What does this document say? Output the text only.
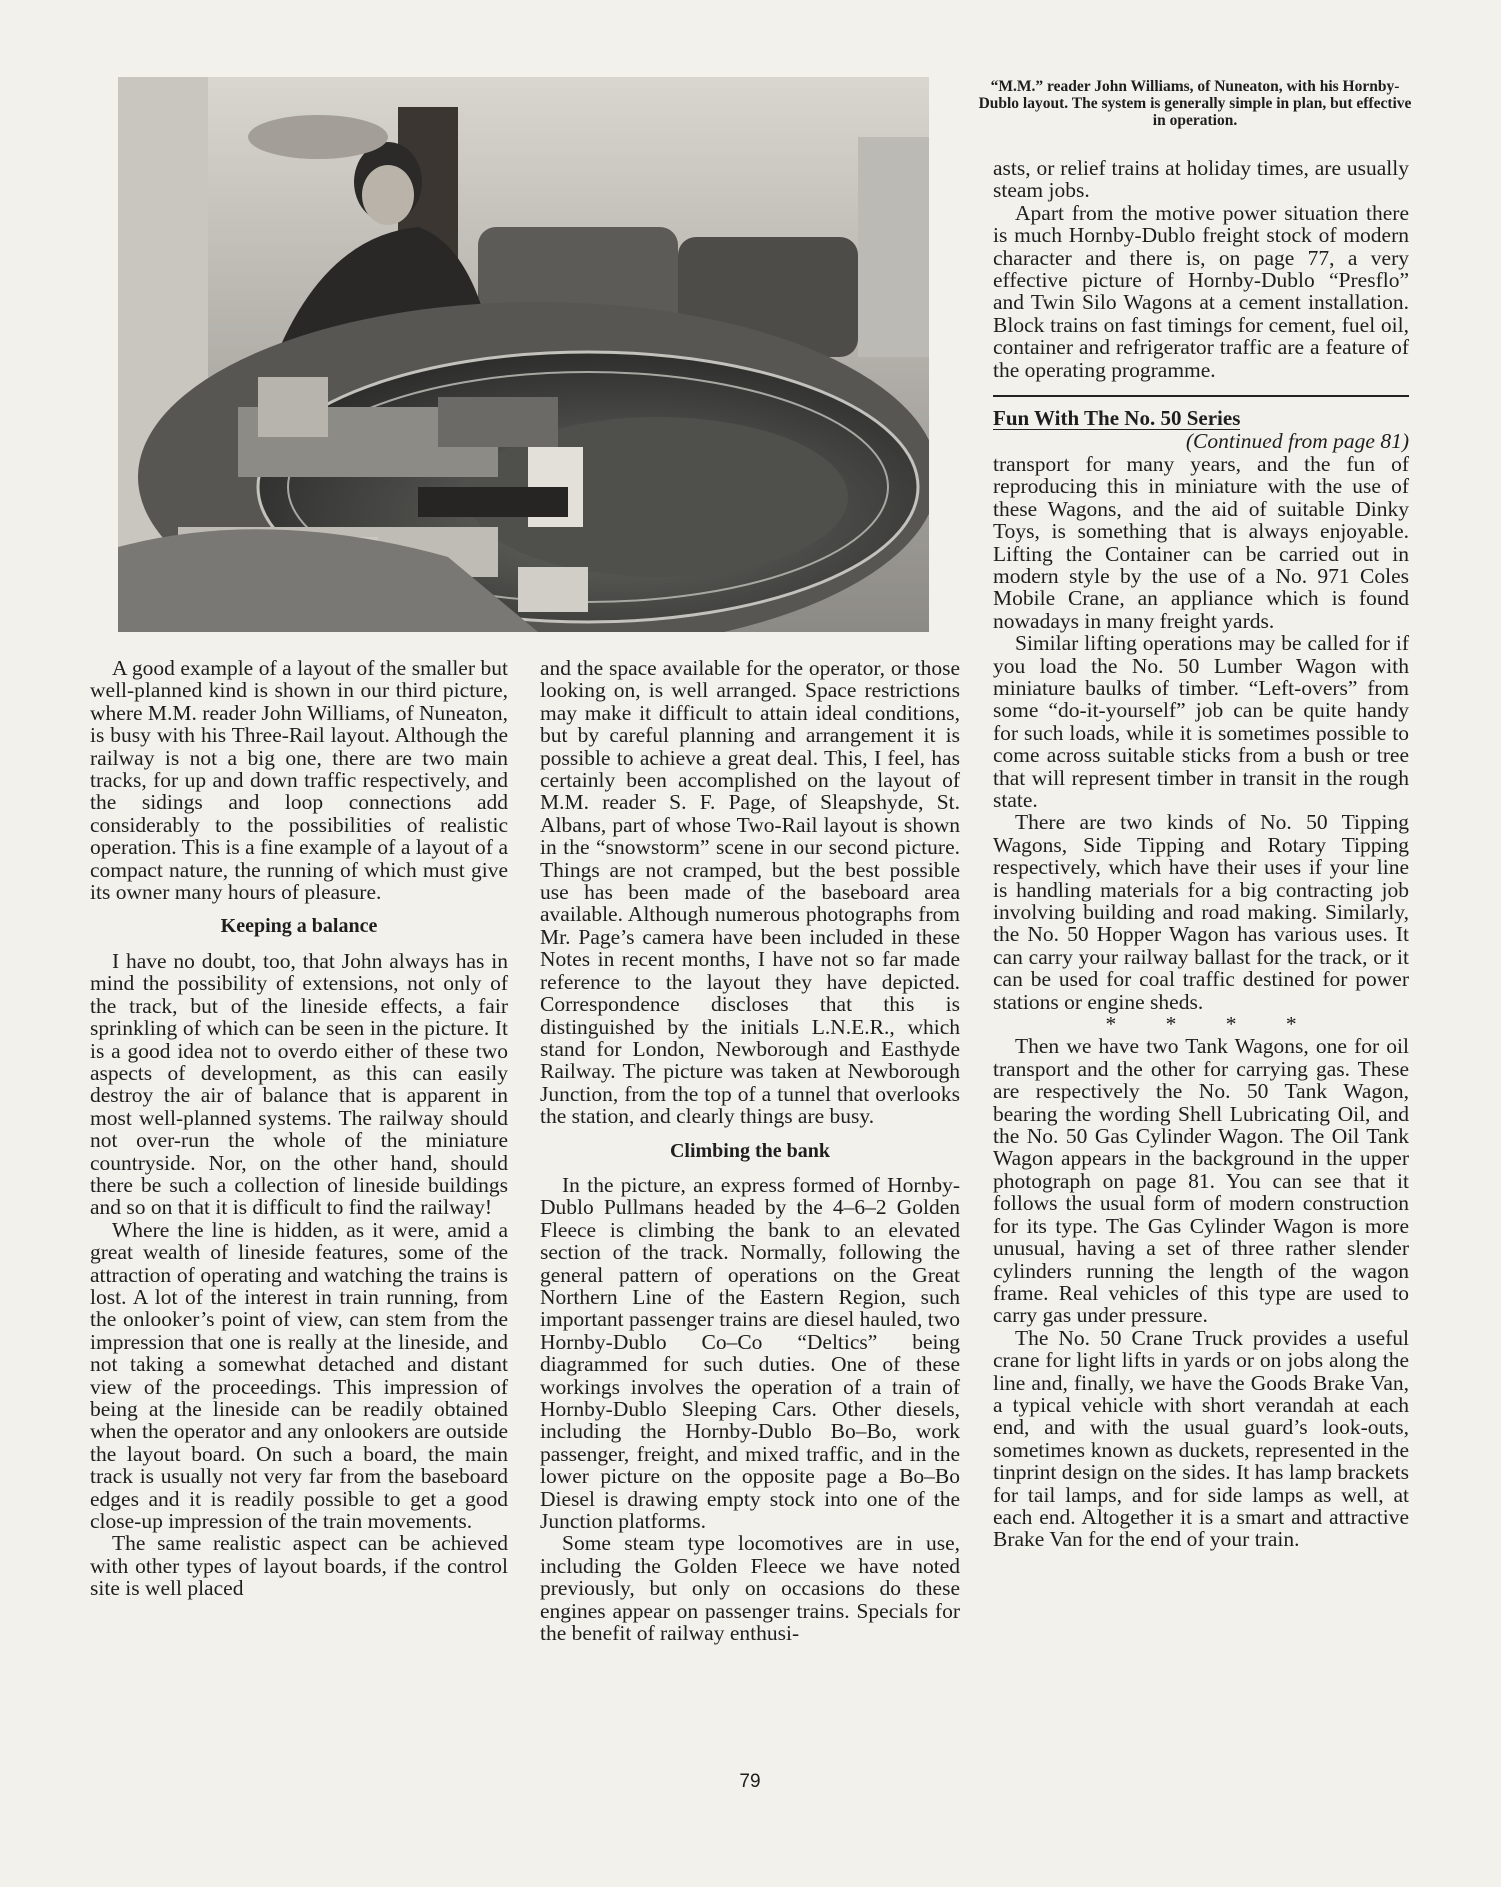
“M.M.” reader John Williams, of Nuneaton, with his Hornby-Dublo layout. The system is generally simple in plan, but effective in operation.

A good example of a layout of the smaller but well-planned kind is shown in our third picture, where M.M. reader John Williams, of Nuneaton, is busy with his Three-Rail layout. Although the railway is not a big one, there are two main tracks, for up and down traffic respectively, and the sidings and loop connections add considerably to the possibilities of realistic operation. This is a fine example of a layout of a compact nature, the running of which must give its owner many hours of pleasure.

Keeping a balance

I have no doubt, too, that John always has in mind the possibility of extensions, not only of the track, but of the lineside effects, a fair sprinkling of which can be seen in the picture. It is a good idea not to overdo either of these two aspects of development, as this can easily destroy the air of balance that is apparent in most well-planned systems. The railway should not over-run the whole of the miniature countryside. Nor, on the other hand, should there be such a collection of lineside buildings and so on that it is difficult to find the railway!

Where the line is hidden, as it were, amid a great wealth of lineside features, some of the attraction of operating and watching the trains is lost. A lot of the interest in train running, from the onlooker’s point of view, can stem from the impression that one is really at the lineside, and not taking a somewhat detached and distant view of the proceedings. This impression of being at the lineside can be readily obtained when the operator and any onlookers are outside the layout board. On such a board, the main track is usually not very far from the baseboard edges and it is readily possible to get a good close-up impression of the train movements.

The same realistic aspect can be achieved with other types of layout boards, if the control site is well placed

and the space available for the operator, or those looking on, is well arranged. Space restrictions may make it difficult to attain ideal conditions, but by careful planning and arrangement it is possible to achieve a great deal. This, I feel, has certainly been accomplished on the layout of M.M. reader S. F. Page, of Sleapshyde, St. Albans, part of whose Two-Rail layout is shown in the “snowstorm” scene in our second picture. Things are not cramped, but the best possible use has been made of the baseboard area available. Although numerous photographs from Mr. Page’s camera have been included in these Notes in recent months, I have not so far made reference to the layout they have depicted. Correspondence discloses that this is distinguished by the initials L.N.E.R., which stand for London, Newborough and Easthyde Railway. The picture was taken at Newborough Junction, from the top of a tunnel that overlooks the station, and clearly things are busy.

Climbing the bank

In the picture, an express formed of Hornby-Dublo Pullmans headed by the 4–6–2 Golden Fleece is climbing the bank to an elevated section of the track. Normally, following the general pattern of operations on the Great Northern Line of the Eastern Region, such important passenger trains are diesel hauled, two Hornby-Dublo Co–Co “Deltics” being diagrammed for such duties. One of these workings involves the operation of a train of Hornby-Dublo Sleeping Cars. Other diesels, including the Hornby-Dublo Bo–Bo, work passenger, freight, and mixed traffic, and in the lower picture on the opposite page a Bo–Bo Diesel is drawing empty stock into one of the Junction platforms.

Some steam type locomotives are in use, including the Golden Fleece we have noted previously, but only on occasions do these engines appear on passenger trains. Specials for the benefit of railway enthusi-

asts, or relief trains at holiday times, are usually steam jobs.

Apart from the motive power situation there is much Hornby-Dublo freight stock of modern character and there is, on page 77, a very effective picture of Hornby-Dublo “Presflo” and Twin Silo Wagons at a cement installation. Block trains on fast timings for cement, fuel oil, container and refrigerator traffic are a feature of the operating programme.

Fun With The No. 50 Series

(Continued from page 81)

transport for many years, and the fun of reproducing this in miniature with the use of these Wagons, and the aid of suitable Dinky Toys, is something that is always enjoyable. Lifting the Container can be carried out in modern style by the use of a No. 971 Coles Mobile Crane, an appliance which is found nowadays in many freight yards.

Similar lifting operations may be called for if you load the No. 50 Lumber Wagon with miniature baulks of timber. “Left-overs” from some “do-it-yourself” job can be quite handy for such loads, while it is sometimes possible to come across suitable sticks from a bush or tree that will represent timber in transit in the rough state.

There are two kinds of No. 50 Tipping Wagons, Side Tipping and Rotary Tipping respectively, which have their uses if your line is handling materials for a big contracting job involving building and road making. Similarly, the No. 50 Hopper Wagon has various uses. It can carry your railway ballast for the track, or it can be used for coal traffic destined for power stations or engine sheds.

* * * *

Then we have two Tank Wagons, one for oil transport and the other for carrying gas. These are respectively the No. 50 Tank Wagon, bearing the wording Shell Lubricating Oil, and the No. 50 Gas Cylinder Wagon. The Oil Tank Wagon appears in the background in the upper photograph on page 81. You can see that it follows the usual form of modern construction for its type. The Gas Cylinder Wagon is more unusual, having a set of three rather slender cylinders running the length of the wagon frame. Real vehicles of this type are used to carry gas under pressure.

The No. 50 Crane Truck provides a useful crane for light lifts in yards or on jobs along the line and, finally, we have the Goods Brake Van, a typical vehicle with short verandah at each end, and with the usual guard’s look-outs, sometimes known as duckets, represented in the tinprint design on the sides. It has lamp brackets for tail lamps, and for side lamps as well, at each end. Altogether it is a smart and attractive Brake Van for the end of your train.

79
